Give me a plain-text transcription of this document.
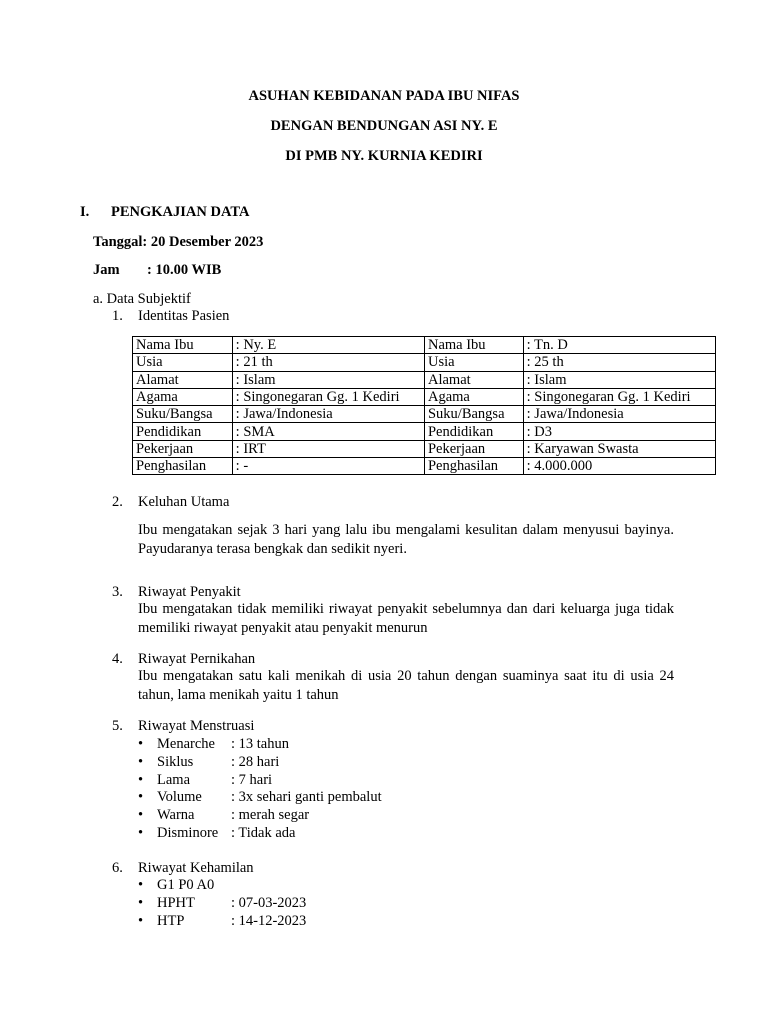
ASUHAN KEBIDANAN PADA IBU NIFAS
DENGAN BENDUNGAN ASI NY. E
DI PMB NY. KURNIA KEDIRI
I. PENGKAJIAN DATA
Tanggal: 20 Desember 2023
Jam : 10.00 WIB
a. Data Subjektif
1. Identitas Pasien
Nama Ibu	: Ny. E	Nama Ibu	: Tn. D
Usia	: 21 th	Usia	: 25 th
Alamat	: Islam	Alamat	: Islam
Agama	: Singonegaran Gg. 1 Kediri	Agama	: Singonegaran Gg. 1 Kediri
Suku/Bangsa	: Jawa/Indonesia	Suku/Bangsa	: Jawa/Indonesia
Pendidikan	: SMA	Pendidikan	: D3
Pekerjaan	: IRT	Pekerjaan	: Karyawan Swasta
Penghasilan	: -	Penghasilan	: 4.000.000
2. Keluhan Utama
Ibu mengatakan sejak 3 hari yang lalu ibu mengalami kesulitan dalam menyusui bayinya. Payudaranya terasa bengkak dan sedikit nyeri.
3. Riwayat Penyakit
Ibu mengatakan tidak memiliki riwayat penyakit sebelumnya dan dari keluarga juga tidak memiliki riwayat penyakit atau penyakit menurun
4. Riwayat Pernikahan
Ibu mengatakan satu kali menikah di usia 20 tahun dengan suaminya saat itu di usia 24 tahun, lama menikah yaitu 1 tahun
5. Riwayat Menstruasi
• Menarche : 13 tahun
• Siklus	: 28 hari
• Lama	: 7 hari
• Volume : 3x sehari ganti pembalut
• Warna	: merah segar
• Disminore : Tidak ada
6. Riwayat Kehamilan
• G1 P0 A0
• HPHT : 07-03-2023
• HTP	: 14-12-2023
